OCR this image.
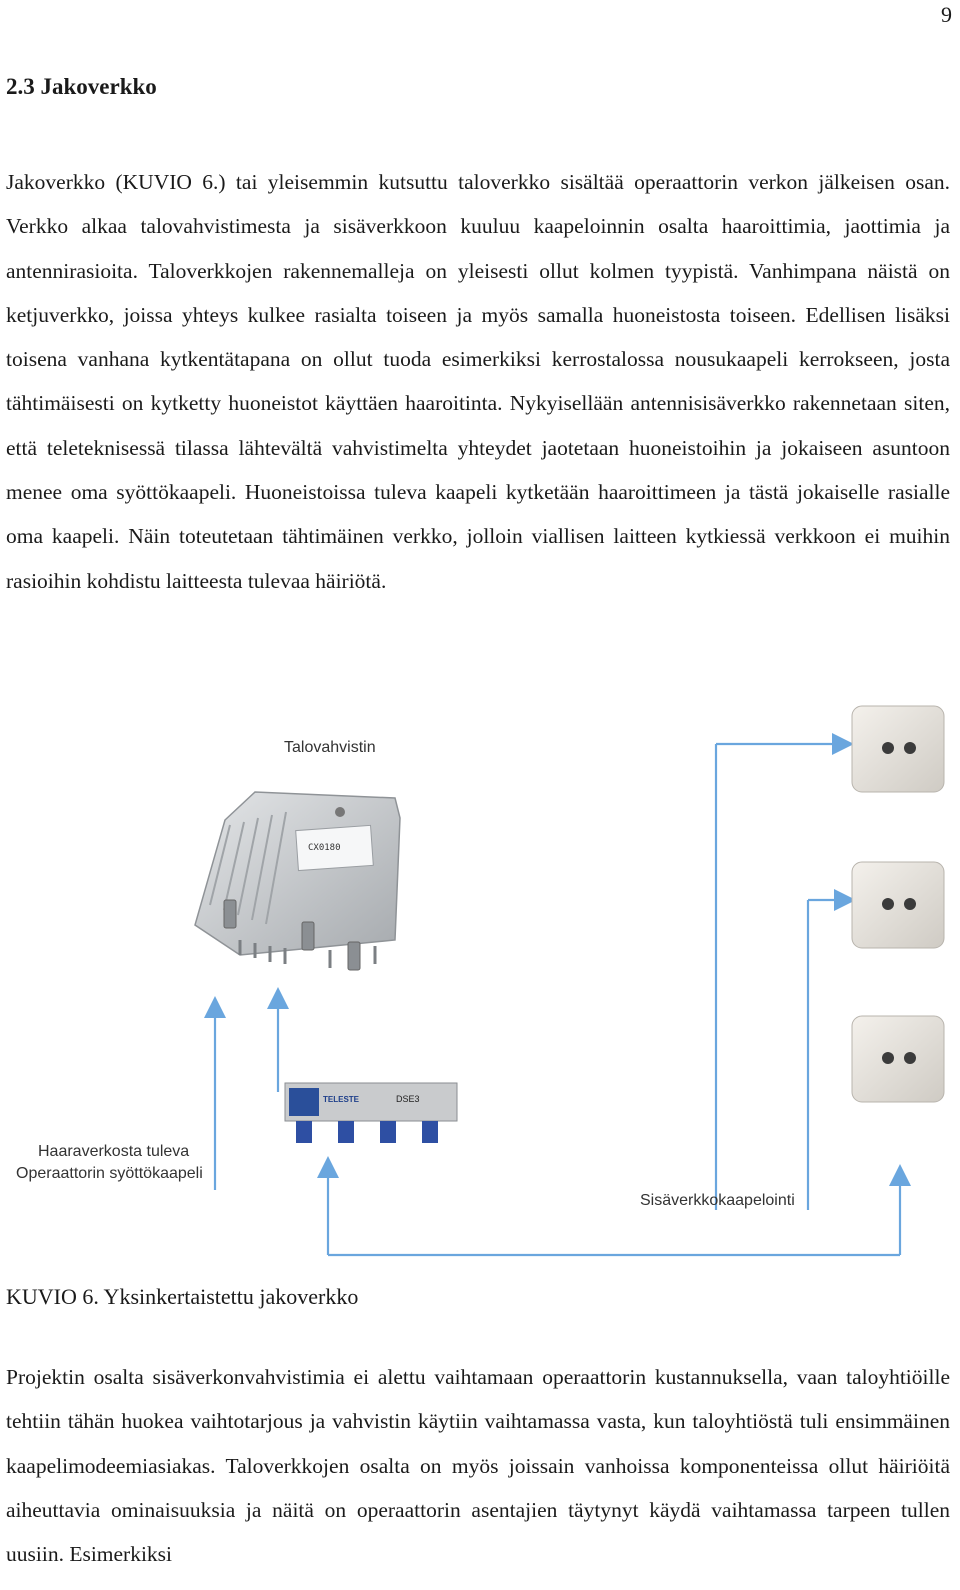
9
2.3 Jakoverkko

Jakoverkko (KUVIO 6.) tai yleisemmin kutsuttu taloverkko sisältää operaattorin verkon jälkeisen osan. Verkko alkaa talovahvistimesta ja sisäverkkoon kuuluu kaapeloinnin osalta haaroittimia, jaottimia ja antennirasioita. Taloverkkojen rakennemalleja on yleisesti ollut kolmen tyypistä. Vanhimpana näistä on ketjuverkko, joissa yhteys kulkee rasialta toiseen ja myös samalla huoneistosta toiseen. Edellisen lisäksi toisena vanhana kytkentätapana on ollut tuoda esimerkiksi kerrostalossa nousukaapeli kerrokseen, josta tähtimäisesti on kytketty huoneistot käyttäen haaroitinta. Nykyisellään antennisisäverkko rakennetaan siten, että teleteknisessä tilassa lähtevältä vahvistimelta yhteydet jaotetaan huoneistoihin ja jokaiseen asuntoon menee oma syöttökaapeli. Huoneistoissa tuleva kaapeli kytketään haaroittimeen ja tästä jokaiselle rasialle oma kaapeli. Näin toteutetaan tähtimäinen verkko, jolloin viallisen laitteen kytkiessä verkkoon ei muihin rasioihin kohdistu laitteesta tulevaa häiriötä.

CX0180
TELESTE	DSE3
Talovahvistin
Haaraverkosta tuleva
Operaattorin syöttökaapeli
Sisäverkkokaapelointi

KUVIO 6. Yksinkertaistettu jakoverkko

Projektin osalta sisäverkonvahvistimia ei alettu vaihtamaan operaattorin kustannuksella, vaan taloyhtiöille tehtiin tähän huokea vaihtotarjous ja vahvistin käytiin vaihtamassa vasta, kun taloyhtiöstä tuli ensimmäinen kaapelimodeemiasiakas. Taloverkkojen osalta on myös joissain vanhoissa komponenteissa ollut häiriöitä aiheuttavia ominaisuuksia ja näitä on operaattorin asentajien täytynyt käydä vaihtamassa tarpeen tullen uusiin. Esimerkiksi
